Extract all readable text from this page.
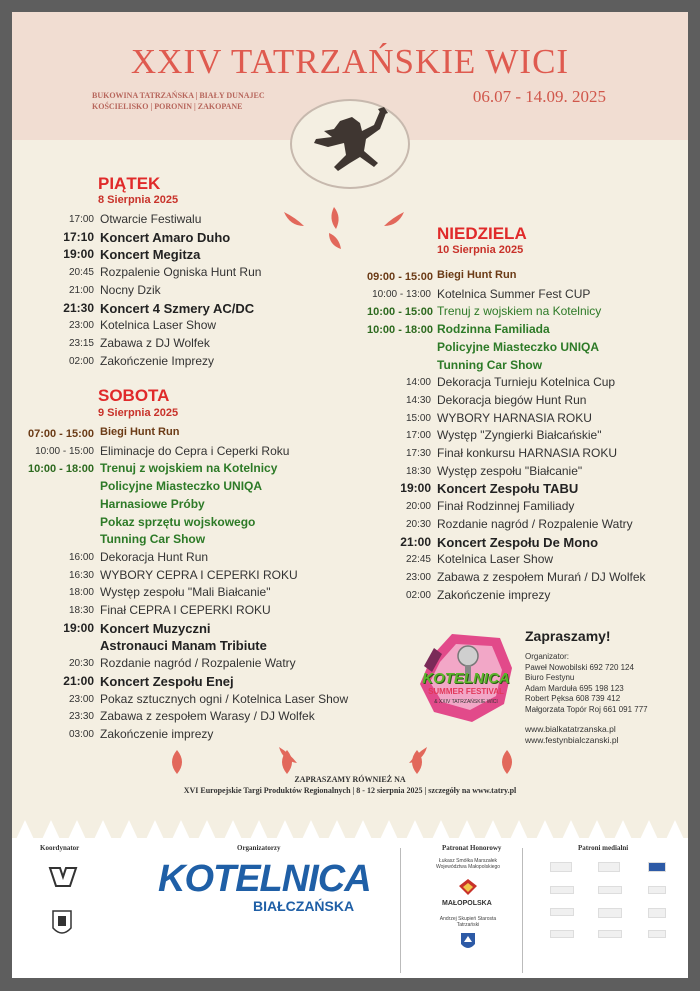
XXIV TATRZAŃSKIE WICI
BUKOWINA TATRZAŃSKA | BIAŁY DUNAJEC
KOŚCIELISKO | PORONIN | ZAKOPANE
06.07 - 14.09. 2025
PIĄTEK
8 Sierpnia 2025
17:00 Otwarcie Festiwalu
17:10 Koncert Amaro Duho
19:00 Koncert Megitza
20:45 Rozpalenie Ogniska Hunt Run
21:00 Nocny Dzik
21:30 Koncert 4 Szmery AC/DC
23:00 Kotelnica Laser Show
23:15 Zabawa z DJ Wolfek
02:00 Zakończenie Imprezy
SOBOTA
9 Sierpnia 2025
07:00 - 15:00 Biegi Hunt Run
10:00 - 15:00 Eliminacje do Cepra i Ceperki Roku
10:00 - 18:00 Trenuj z wojskiem na Kotelnicy
Policyjne Miasteczko UNIQA
Harnasiowe Próby
Pokaz sprzętu wojskowego
Tunning Car Show
16:00 Dekoracja Hunt Run
16:30 WYBORY CEPRA I CEPERKI ROKU
18:00 Występ zespołu "Mali Białcanie"
18:30 Finał CEPRA I CEPERKI ROKU
19:00 Koncert Muzyczni
Astronauci Manam Tribiute
20:30 Rozdanie nagród / Rozpalenie Watry
21:00 Koncert Zespołu Enej
23:00 Pokaz sztucznych ogni / Kotelnica Laser Show
23:30 Zabawa z zespołem Warasy / DJ Wolfek
03:00 Zakończenie imprezy
NIEDZIELA
10 Sierpnia 2025
09:00 - 15:00 Biegi Hunt Run
10:00 - 13:00 Kotelnica Summer Fest CUP
10:00 - 15:00 Trenuj z wojskiem na Kotelnicy
10:00 - 18:00 Rodzinna Familiada
Policyjne Miasteczko UNIQA
Tunning Car Show
14:00 Dekoracja Turnieju Kotelnica Cup
14:30 Dekoracja biegów Hunt Run
15:00 WYBORY HARNASIA ROKU
17:00 Występ "Zyngierki Białcańskie"
17:30 Finał konkursu HARNASIA ROKU
18:30 Występ zespołu "Białcanie"
19:00 Koncert Zespołu TABU
20:00 Finał Rodzinnej Familiady
20:30 Rozdanie nagród / Rozpalenie Watry
21:00 Koncert Zespołu De Mono
22:45 Kotelnica Laser Show
23:00 Zabawa z zespołem Murań / DJ Wolfek
02:00 Zakończenie imprezy
KOTELNICA
SUMMER FESTIVAL
& XXIV TATRZAŃSKIE WICI
Zapraszamy!
Organizator:
Paweł Nowobilski 692 720 124
Biuro Festynu
Adam Marduła 695 198 123
Robert Pęksa 608 739 412
Małgorzata Topór Roj 661 091 777
www.bialkatatrzanska.pl
www.festynbialczanski.pl
ZAPRASZAMY RÓWNIEŻ NA
XVI Europejskie Targi Produktów Regionalnych | 8 - 12 sierpnia 2025 | szczegóły na www.tatry.pl
Koordynator	Organizatorzy	Patronat Honorowy	Patroni medialni
KOTELNICA
BIAŁCZAŃSKA
Łukasz Smółka Marszałek Województwa Małopolskiego
MAŁOPOLSKA
Andrzej Skupień Starosta Tatrzański
